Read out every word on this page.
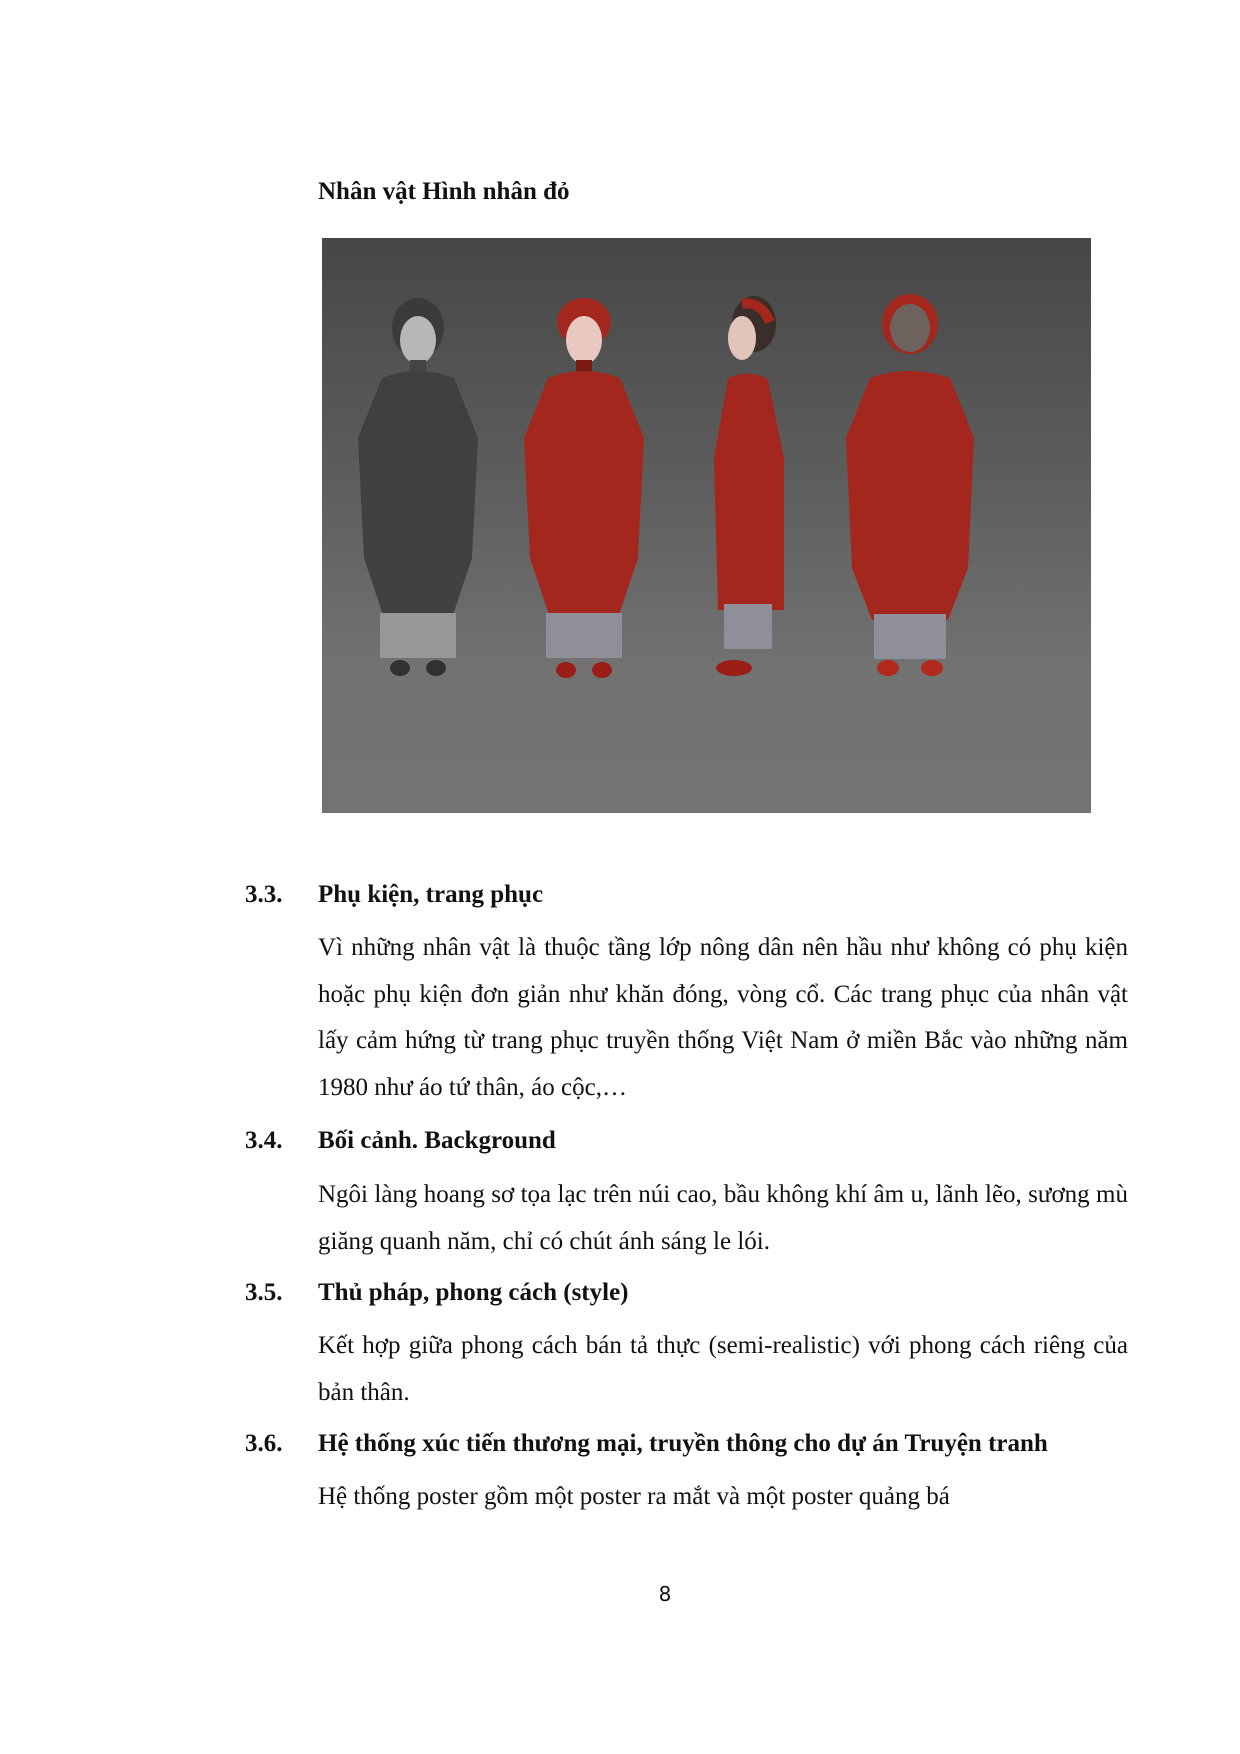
Nhân vật Hình nhân đỏ
3.3. Phụ kiện, trang phục
Vì những nhân vật là thuộc tầng lớp nông dân nên hầu như không có phụ kiện hoặc phụ kiện đơn giản như khăn đóng, vòng cổ. Các trang phục của nhân vật lấy cảm hứng từ trang phục truyền thống Việt Nam ở miền Bắc vào những năm 1980 như áo tứ thân, áo cộc,…
3.4. Bối cảnh. Background
Ngôi làng hoang sơ tọa lạc trên núi cao, bầu không khí âm u, lãnh lẽo, sương mù giăng quanh năm, chỉ có chút ánh sáng le lói.
3.5. Thủ pháp, phong cách (style)
Kết hợp giữa phong cách bán tả thực (semi-realistic) với phong cách riêng của bản thân.
3.6. Hệ thống xúc tiến thương mại, truyền thông cho dự án Truyện tranh
Hệ thống poster gồm một poster ra mắt và một poster quảng bá
8
